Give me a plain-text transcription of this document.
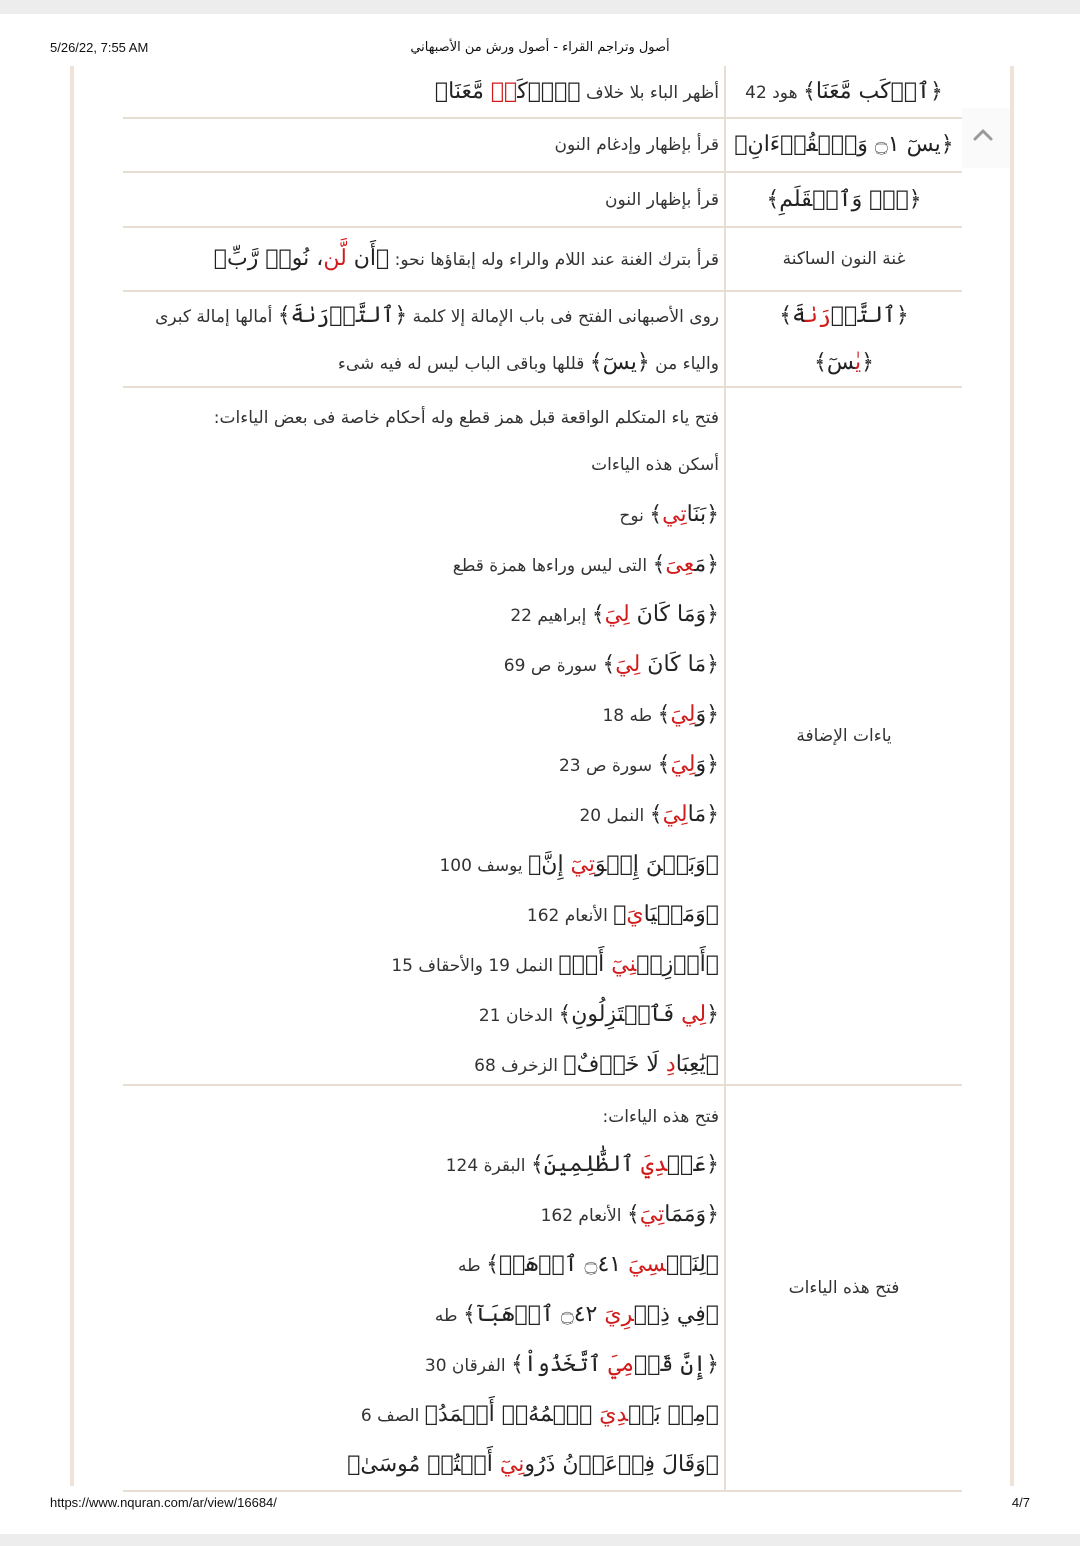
5/26/22, 7:55 AM	أصول وتراجم القراء - أصول ورش من الأصبهاني
﴿ٱرۡكَب مَّعَنَا﴾ هود 42
أظهر الباء بلا خلاف ﴿ٱرۡكَبۡ مَّعَنَا﴾
﴿يسٓ ۝١ وَٱلۡقُرۡءَانِ﴾
قرأ بإظهار وإدغام النون
﴿نٓۚ وَٱلۡقَلَمِ﴾
قرأ بإظهار النون
غنة النون الساكنة
قرأ بترك الغنة عند اللام والراء وله إبقاؤها نحو: ﴿أَن لَّن، نُوحٞ رَّبِّ﴾
﴿ٱلتَّوۡرَىٰةَ﴾
﴿يٰسٓ﴾
روى الأصبهانى الفتح فى باب الإمالة إلا كلمة ﴿ٱلتَّوۡرَىٰةَ﴾ أمالها إمالة كبرى
والياء من ﴿يسٓ﴾ قللها وباقى الباب ليس له فيه شىء
ياءات الإضافة
فتح ياء المتكلم الواقعة قبل همز قطع وله أحكام خاصة فى بعض الياءات:
أسكن هذه الياءات
﴿بَنَاتِي﴾ نوح
﴿مَعِىَ﴾ التى ليس وراءها همزة قطع
﴿وَمَا كَانَ لِيَ﴾ إبراهيم 22
﴿مَا كَانَ لِيَ﴾ سورة ص 69
﴿وَلِيَ﴾ طه 18
﴿وَلِيَ﴾ سورة ص 23
﴿مَالِيَ﴾ النمل 20
﴿وَبَيۡنَ إِخۡوَتِيٓ إِنَّ﴾ يوسف 100
﴿وَمَحۡيَايَ﴾ الأنعام 162
﴿أَوۡزِعۡنِيٓ أَنۡ﴾ النمل 19 والأحقاف 15
﴿لِي فَٱعۡتَزِلُونِ﴾ الدخان 21
﴿يَٰعِبَادِ لَا خَوۡفٌ﴾ الزخرف 68
فتح هذه الياءات
فتح هذه الياءات:
﴿عَهۡدِيَ ٱلظَّٰلِمِينَ﴾ البقرة 124
﴿وَمَمَاتِيَ﴾ الأنعام 162
﴿لِنَفۡسِيَ ۝٤١ ٱذۡهَبۡ﴾ طه
﴿فِي ذِكۡرِيَ ۝٤٢ ٱذۡهَبَآ﴾ طه
﴿إِنَّ قَوۡمِيَ ٱتَّخَذُواْ﴾ الفرقان 30
﴿مِنۢ بَعۡدِيَ ٱسۡمُهُۥٓ أَحۡمَدُ﴾ الصف 6
﴿وَقَالَ فِرۡعَوۡنُ ذَرُونِيٓ أَقۡتُلۡ مُوسَىٰ﴾
https://www.nquran.com/ar/view/16684/	4/7
